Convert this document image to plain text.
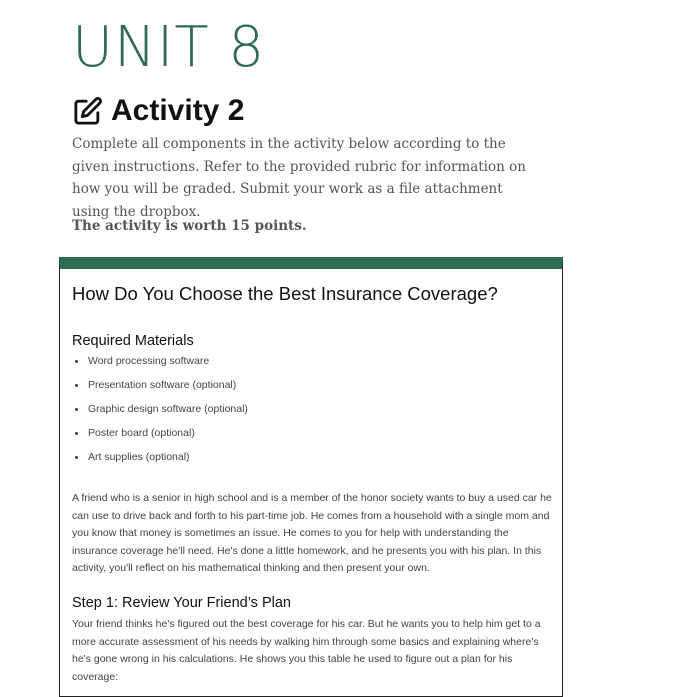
UNIT 8
Activity 2

Complete all components in the activity below according to the given instructions. Refer to the provided rubric for information on how you will be graded. Submit your work as a file attachment using the dropbox.

The activity is worth 15 points.

How Do You Choose the Best Insurance Coverage?
Required Materials
Word processing software
Presentation software (optional)
Graphic design software (optional)
Poster board (optional)
Art supplies (optional)

A friend who is a senior in high school and is a member of the honor society wants to buy a used car he can use to drive back and forth to his part-time job. He comes from a household with a single mom and you know that money is sometimes an issue. He comes to you for help with understanding the insurance coverage he'll need. He's done a little homework, and he presents you with his plan. In this activity, you'll reflect on his mathematical thinking and then present your own.

Step 1: Review Your Friend’s Plan

Your friend thinks he's figured out the best coverage for his car. But he wants you to help him get to a more accurate assessment of his needs by walking him through some basics and explaining where's he's gone wrong in his calculations. He shows you this table he used to figure out a plan for his coverage:
